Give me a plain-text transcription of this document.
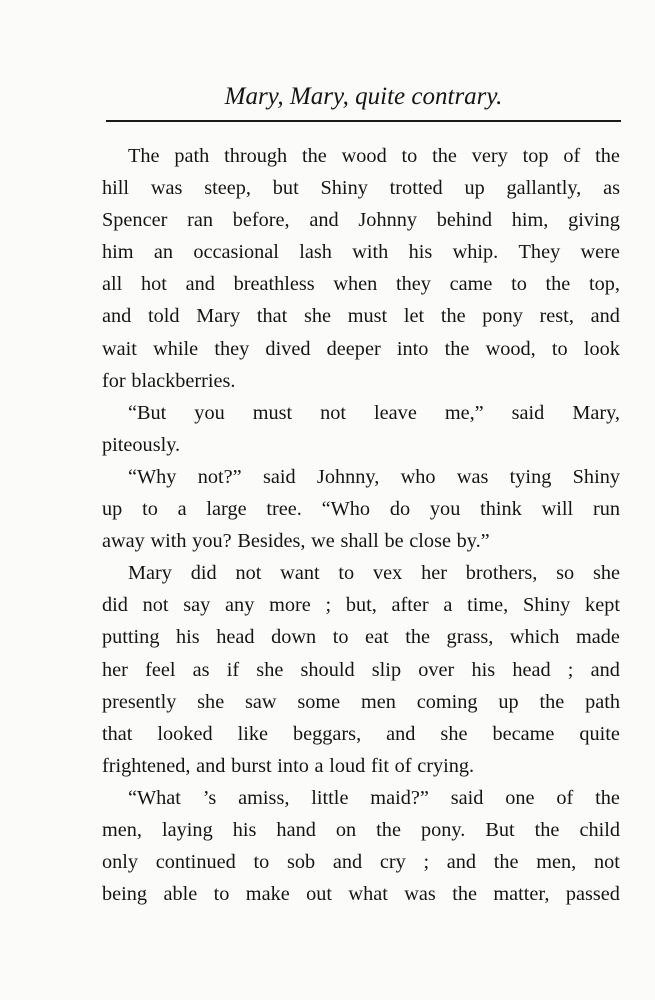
Mary, Mary, quite contrary.
The path through the wood to the very top of the
hill was steep, but Shiny trotted up gallantly, as
Spencer ran before, and Johnny behind him, giving
him an occasional lash with his whip. They were
all hot and breathless when they came to the top,
and told Mary that she must let the pony rest, and
wait while they dived deeper into the wood, to look
for blackberries.
“But you must not leave me,” said Mary,
piteously.
“Why not?” said Johnny, who was tying Shiny
up to a large tree. “Who do you think will run
away with you? Besides, we shall be close by.”
Mary did not want to vex her brothers, so she
did not say any more ; but, after a time, Shiny kept
putting his head down to eat the grass, which made
her feel as if she should slip over his head ; and
presently she saw some men coming up the path
that looked like beggars, and she became quite
frightened, and burst into a loud fit of crying.
“What ’s amiss, little maid?” said one of the
men, laying his hand on the pony. But the child
only continued to sob and cry ; and the men, not
being able to make out what was the matter, passed
